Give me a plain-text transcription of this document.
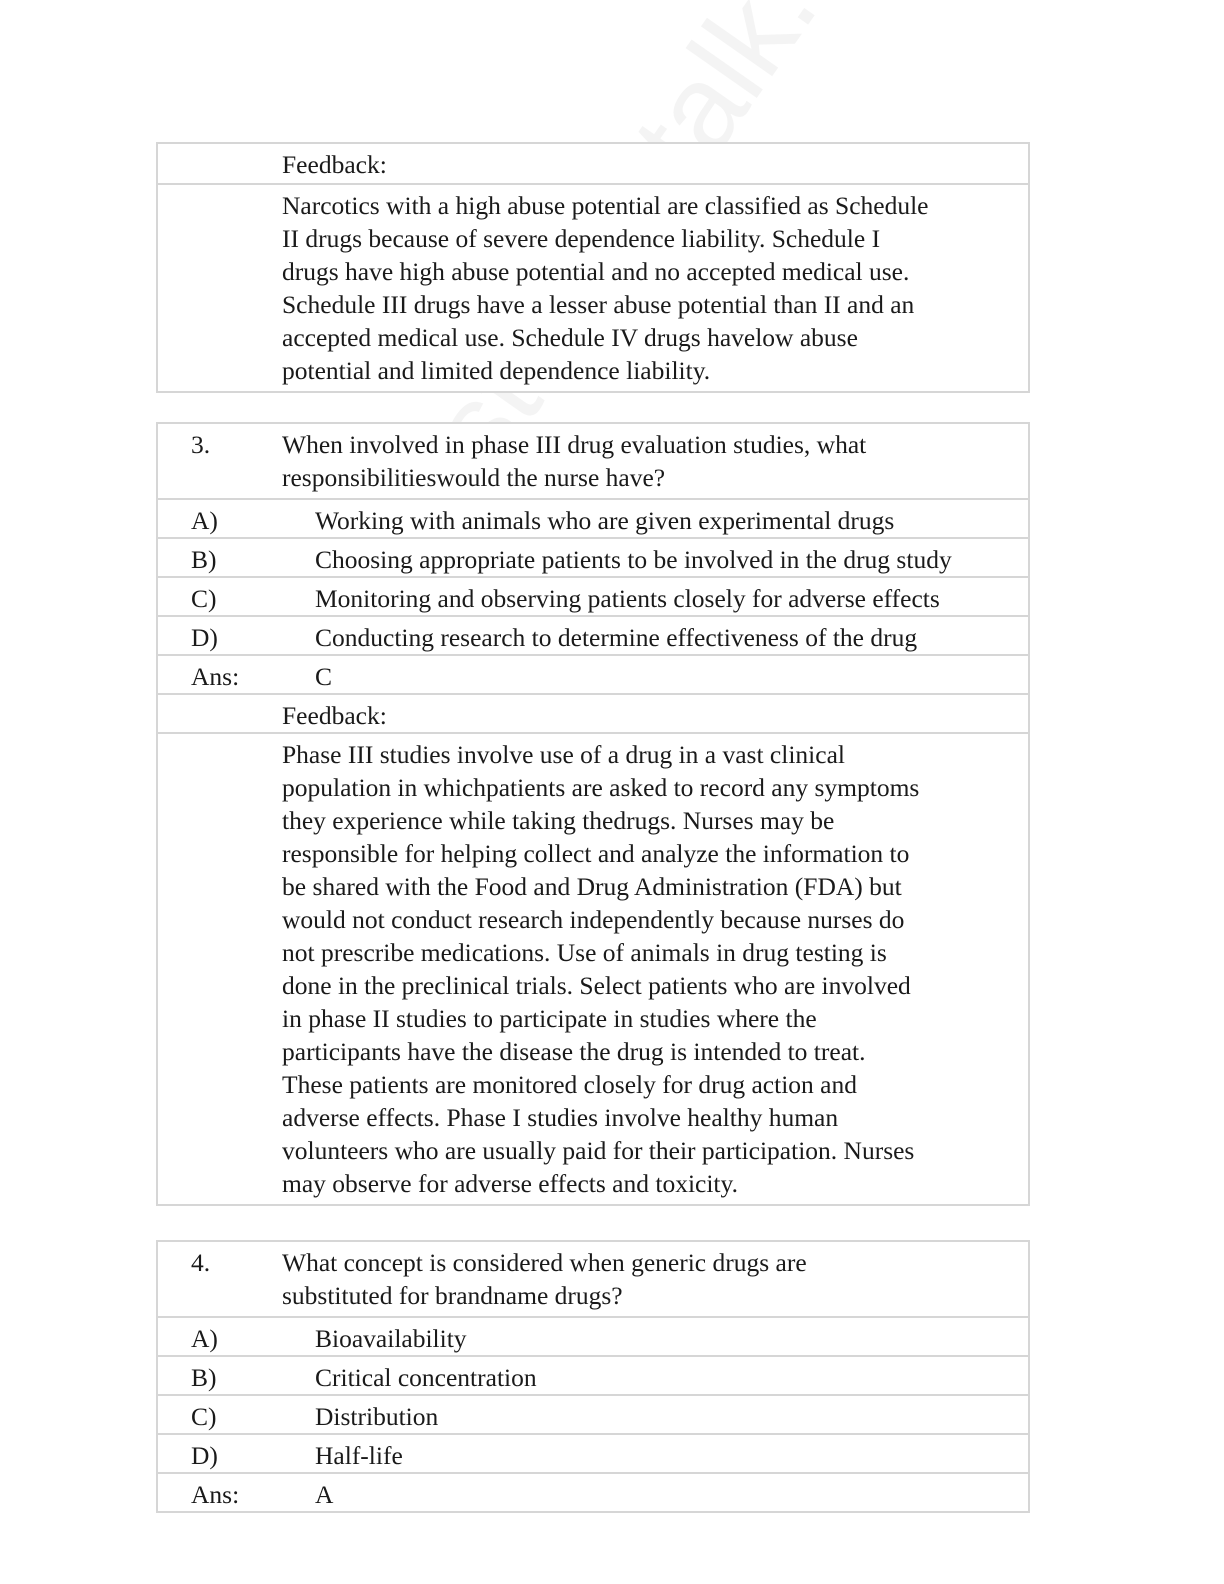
Feedback:
Narcotics with a high abuse potential are classified as Schedule
II drugs because of severe dependence liability. Schedule I
drugs have high abuse potential and no accepted medical use.
Schedule III drugs have a lesser abuse potential than II and an
accepted medical use. Schedule IV drugs havelow abuse
potential and limited dependence liability.
3.	When involved in phase III drug evaluation studies, what
responsibilitieswould the nurse have?
A)	Working with animals who are given experimental drugs
B)	Choosing appropriate patients to be involved in the drug study
C)	Monitoring and observing patients closely for adverse effects
D)	Conducting research to determine effectiveness of the drug
Ans:	C
Feedback:
Phase III studies involve use of a drug in a vast clinical
population in whichpatients are asked to record any symptoms
they experience while taking thedrugs. Nurses may be
responsible for helping collect and analyze the information to
be shared with the Food and Drug Administration (FDA) but
would not conduct research independently because nurses do
not prescribe medications. Use of animals in drug testing is
done in the preclinical trials. Select patients who are involved
in phase II studies to participate in studies where the
participants have the disease the drug is intended to treat.
These patients are monitored closely for drug action and
adverse effects. Phase I studies involve healthy human
volunteers who are usually paid for their participation. Nurses
may observe for adverse effects and toxicity.
4.	What concept is considered when generic drugs are
substituted for brandname drugs?
A)	Bioavailability
B)	Critical concentration
C)	Distribution
D)	Half-life
Ans:	A
